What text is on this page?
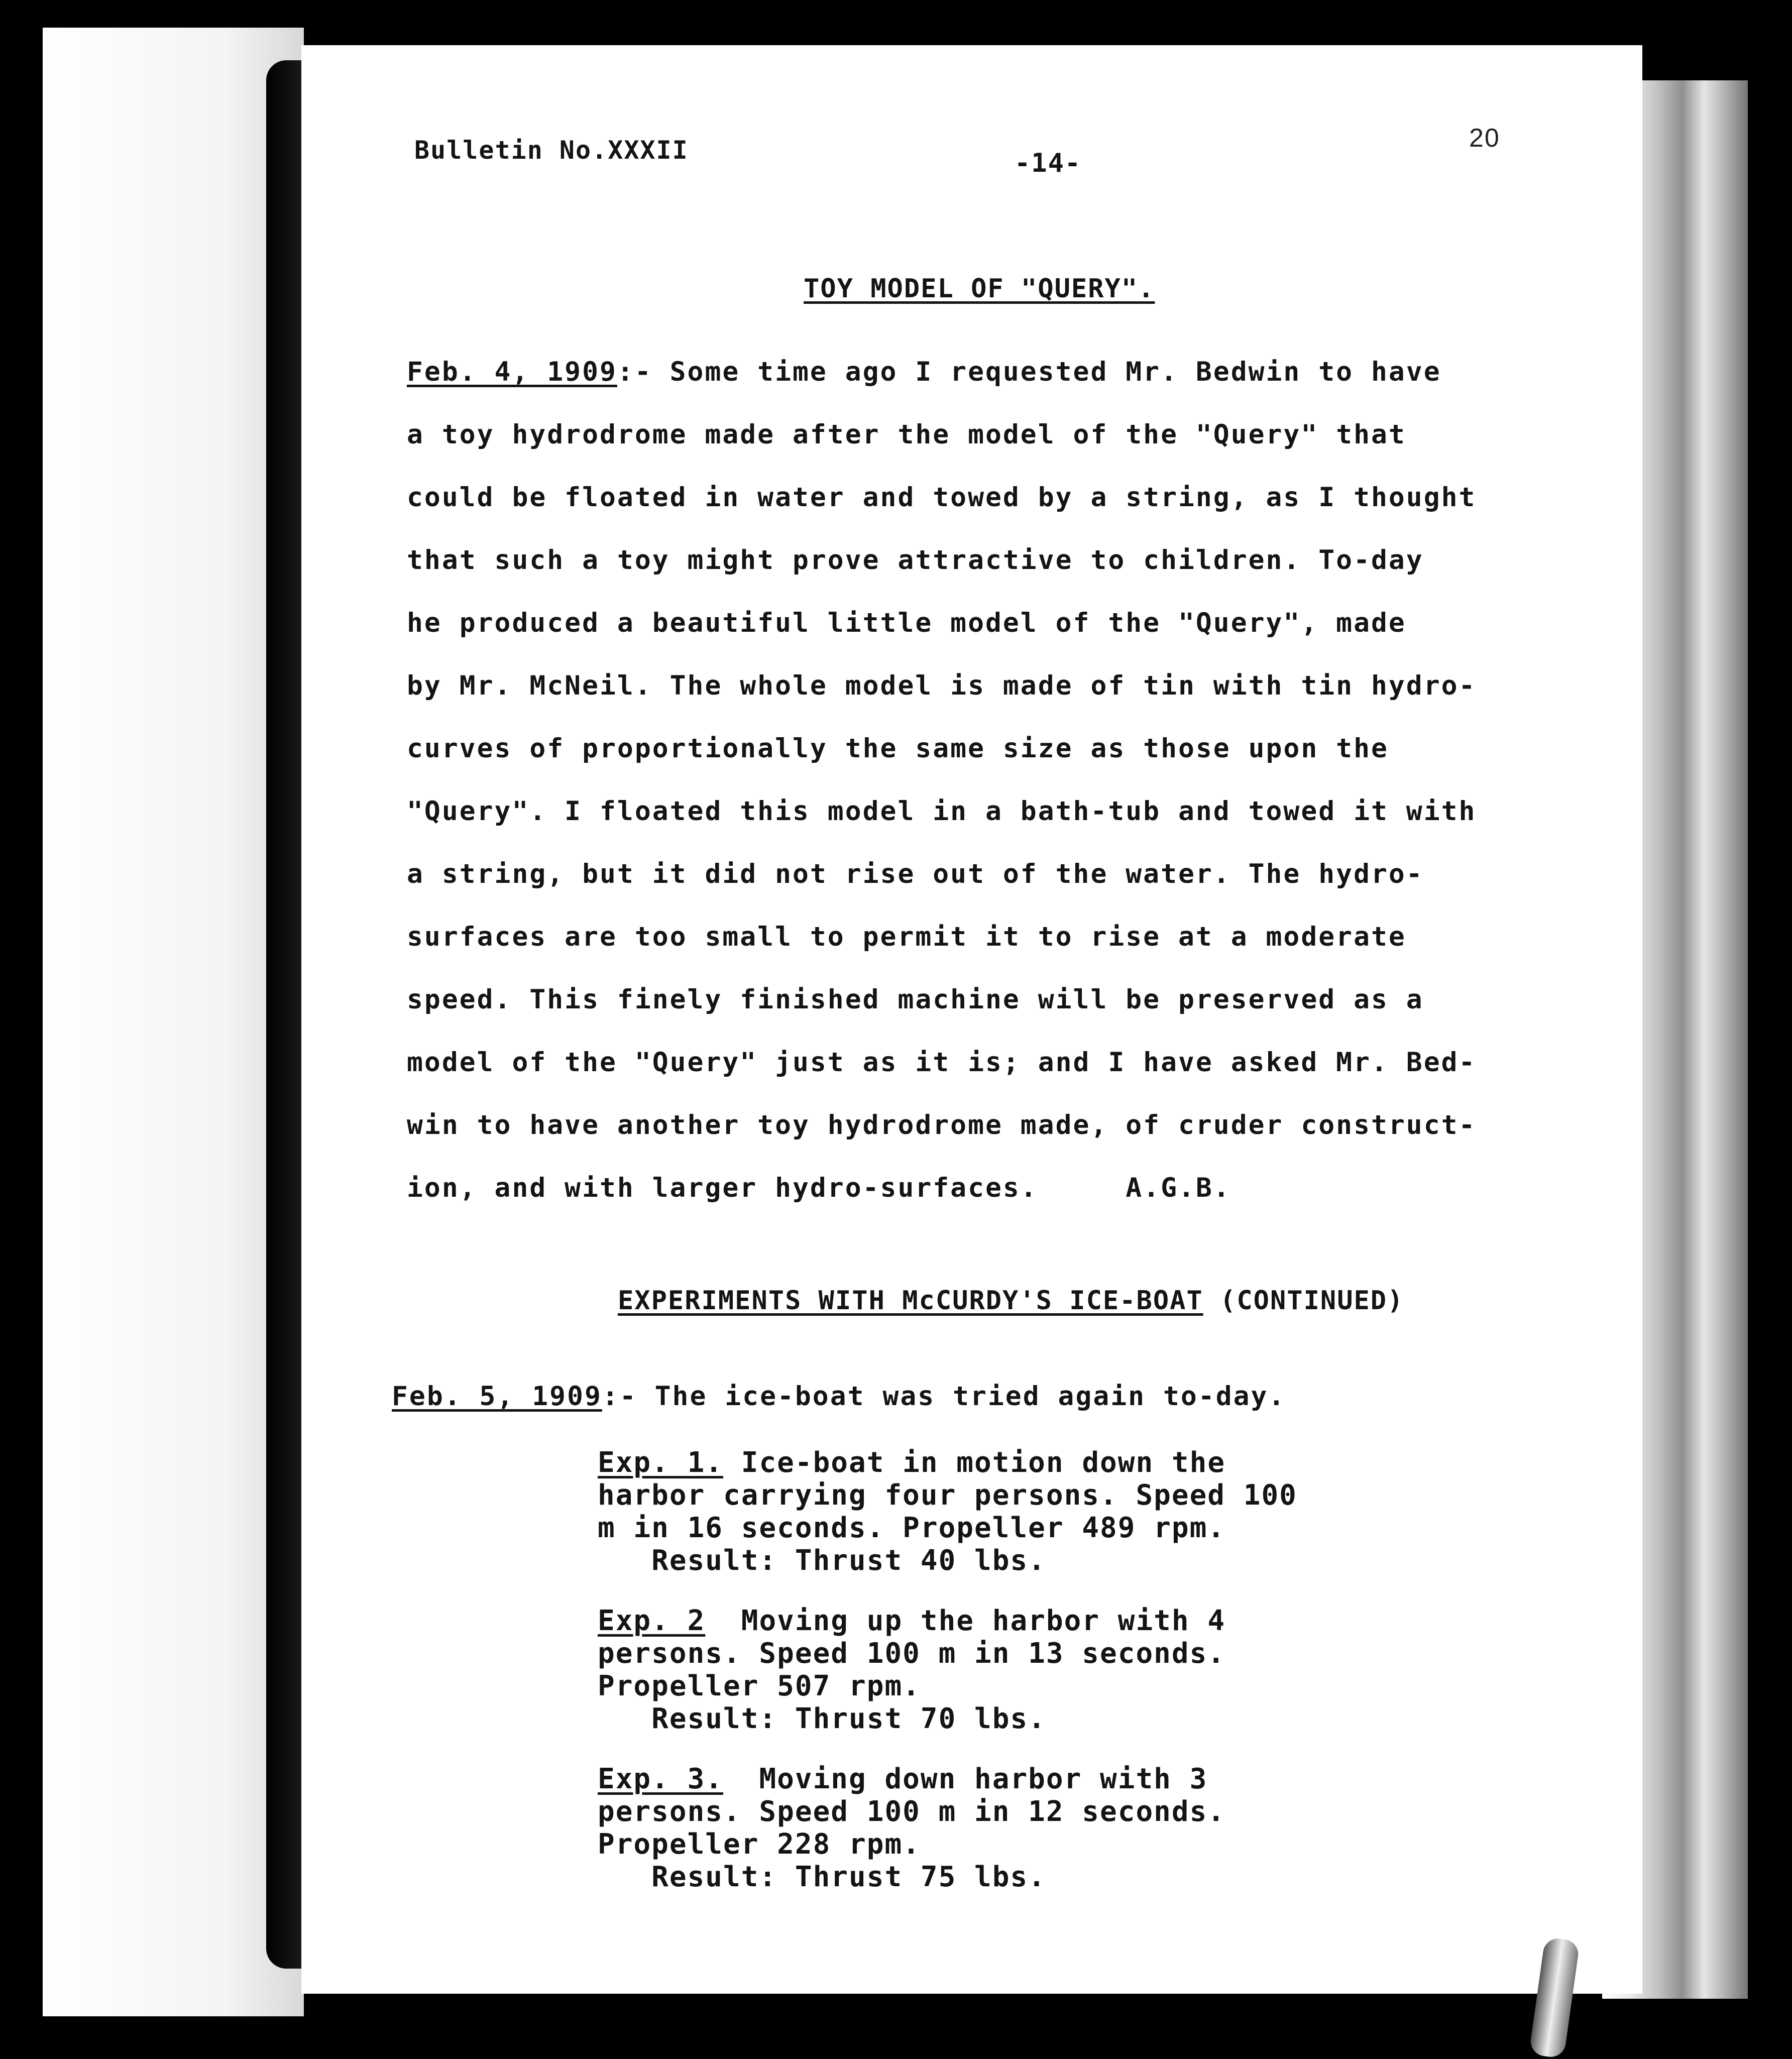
Bulletin No.XXXII	-14-
20
TOY MODEL OF "QUERY".
Feb. 4, 1909:- Some time ago I requested Mr. Bedwin to have
a toy hydrodrome made after the model of the "Query" that
could be floated in water and towed by a string, as I thought
that such a toy might prove attractive to children. To-day
he produced a beautiful little model of the "Query", made
by Mr. McNeil. The whole model is made of tin with tin hydro-
curves of proportionally the same size as those upon the
"Query". I floated this model in a bath-tub and towed it with
a string, but it did not rise out of the water. The hydro-
surfaces are too small to permit it to rise at a moderate
speed. This finely finished machine will be preserved as a
model of the "Query" just as it is; and I have asked Mr. Bed-
win to have another toy hydrodrome made, of cruder construct-
ion, and with larger hydro-surfaces.     A.G.B.
EXPERIMENTS WITH McCURDY'S ICE-BOAT (CONTINUED)
Feb. 5, 1909:- The ice-boat was tried again to-day.
Exp. 1. Ice-boat in motion down the
harbor carrying four persons. Speed 100
m in 16 seconds. Propeller 489 rpm.
Result: Thrust 40 lbs.
Exp. 2  Moving up the harbor with 4
persons. Speed 100 m in 13 seconds.
Propeller 507 rpm.
Result: Thrust 70 lbs.
Exp. 3.  Moving down harbor with 3
persons. Speed 100 m in 12 seconds.
Propeller 228 rpm.
Result: Thrust 75 lbs.
